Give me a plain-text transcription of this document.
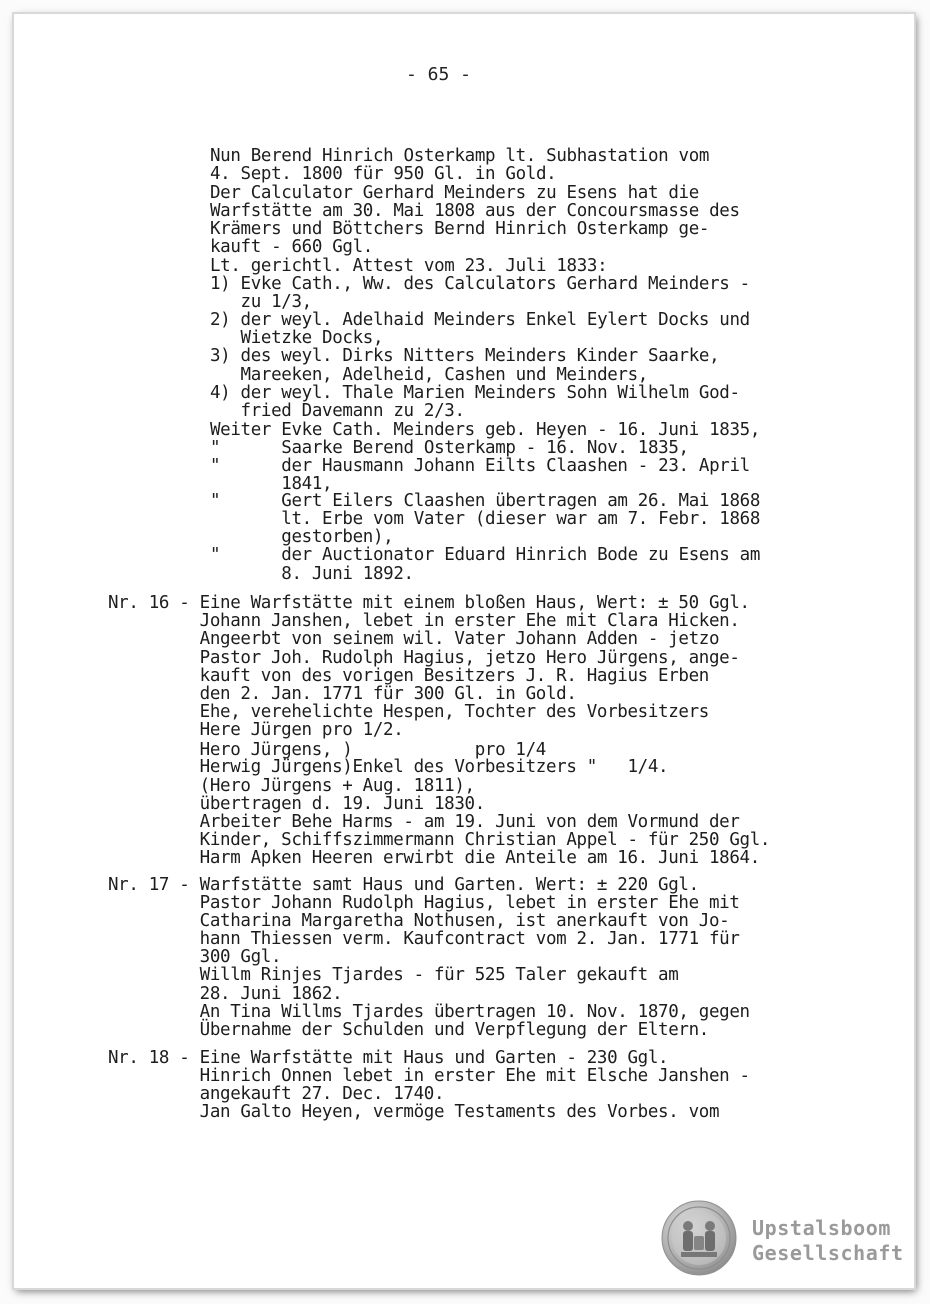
- 65 -
Nun Berend Hinrich Osterkamp lt. Subhastation vom
4. Sept. 1800 für 950 Gl. in Gold.
Der Calculator Gerhard Meinders zu Esens hat die
Warfstätte am 30. Mai 1808 aus der Concoursmasse des
Krämers und Böttchers Bernd Hinrich Osterkamp ge-
kauft - 660 Ggl.
Lt. gerichtl. Attest vom 23. Juli 1833:
1) Evke Cath., Ww. des Calculators Gerhard Meinders -
zu 1/3,
2) der weyl. Adelhaid Meinders Enkel Eylert Docks und
Wietzke Docks,
3) des weyl. Dirks Nitters Meinders Kinder Saarke,
Mareeken, Adelheid, Cashen und Meinders,
4) der weyl. Thale Marien Meinders Sohn Wilhelm God-
fried Davemann zu 2/3.
Weiter Evke Cath. Meinders geb. Heyen - 16. Juni 1835,
"      Saarke Berend Osterkamp - 16. Nov. 1835,
"      der Hausmann Johann Eilts Claashen - 23. April
1841,
"      Gert Eilers Claashen übertragen am 26. Mai 1868
lt. Erbe vom Vater (dieser war am 7. Febr. 1868
gestorben),
"      der Auctionator Eduard Hinrich Bode zu Esens am
8. Juni 1892.
Nr. 16 - Eine Warfstätte mit einem bloßen Haus, Wert: ± 50 Ggl.
Johann Janshen, lebet in erster Ehe mit Clara Hicken.
Angeerbt von seinem wil. Vater Johann Adden - jetzo
Pastor Joh. Rudolph Hagius, jetzo Hero Jürgens, ange-
kauft von des vorigen Besitzers J. R. Hagius Erben
den 2. Jan. 1771 für 300 Gl. in Gold.
Ehe, verehelichte Hespen, Tochter des Vorbesitzers
Here Jürgen pro 1/2.
Hero Jürgens, )            pro 1/4
Herwig Jürgens)Enkel des Vorbesitzers "   1/4.
(Hero Jürgens + Aug. 1811),
übertragen d. 19. Juni 1830.
Arbeiter Behe Harms - am 19. Juni von dem Vormund der
Kinder, Schiffszimmermann Christian Appel - für 250 Ggl.
Harm Apken Heeren erwirbt die Anteile am 16. Juni 1864.
Nr. 17 - Warfstätte samt Haus und Garten. Wert: ± 220 Ggl.
Pastor Johann Rudolph Hagius, lebet in erster Ehe mit
Catharina Margaretha Nothusen, ist anerkauft von Jo-
hann Thiessen verm. Kaufcontract vom 2. Jan. 1771 für
300 Ggl.
Willm Rinjes Tjardes - für 525 Taler gekauft am
28. Juni 1862.
An Tina Willms Tjardes übertragen 10. Nov. 1870, gegen
Übernahme der Schulden und Verpflegung der Eltern.
Nr. 18 - Eine Warfstätte mit Haus und Garten - 230 Ggl.
Hinrich Onnen lebet in erster Ehe mit Elsche Janshen -
angekauft 27. Dec. 1740.
Jan Galto Heyen, vermöge Testaments des Vorbes. vom
Upstalsboom
Gesellschaft
